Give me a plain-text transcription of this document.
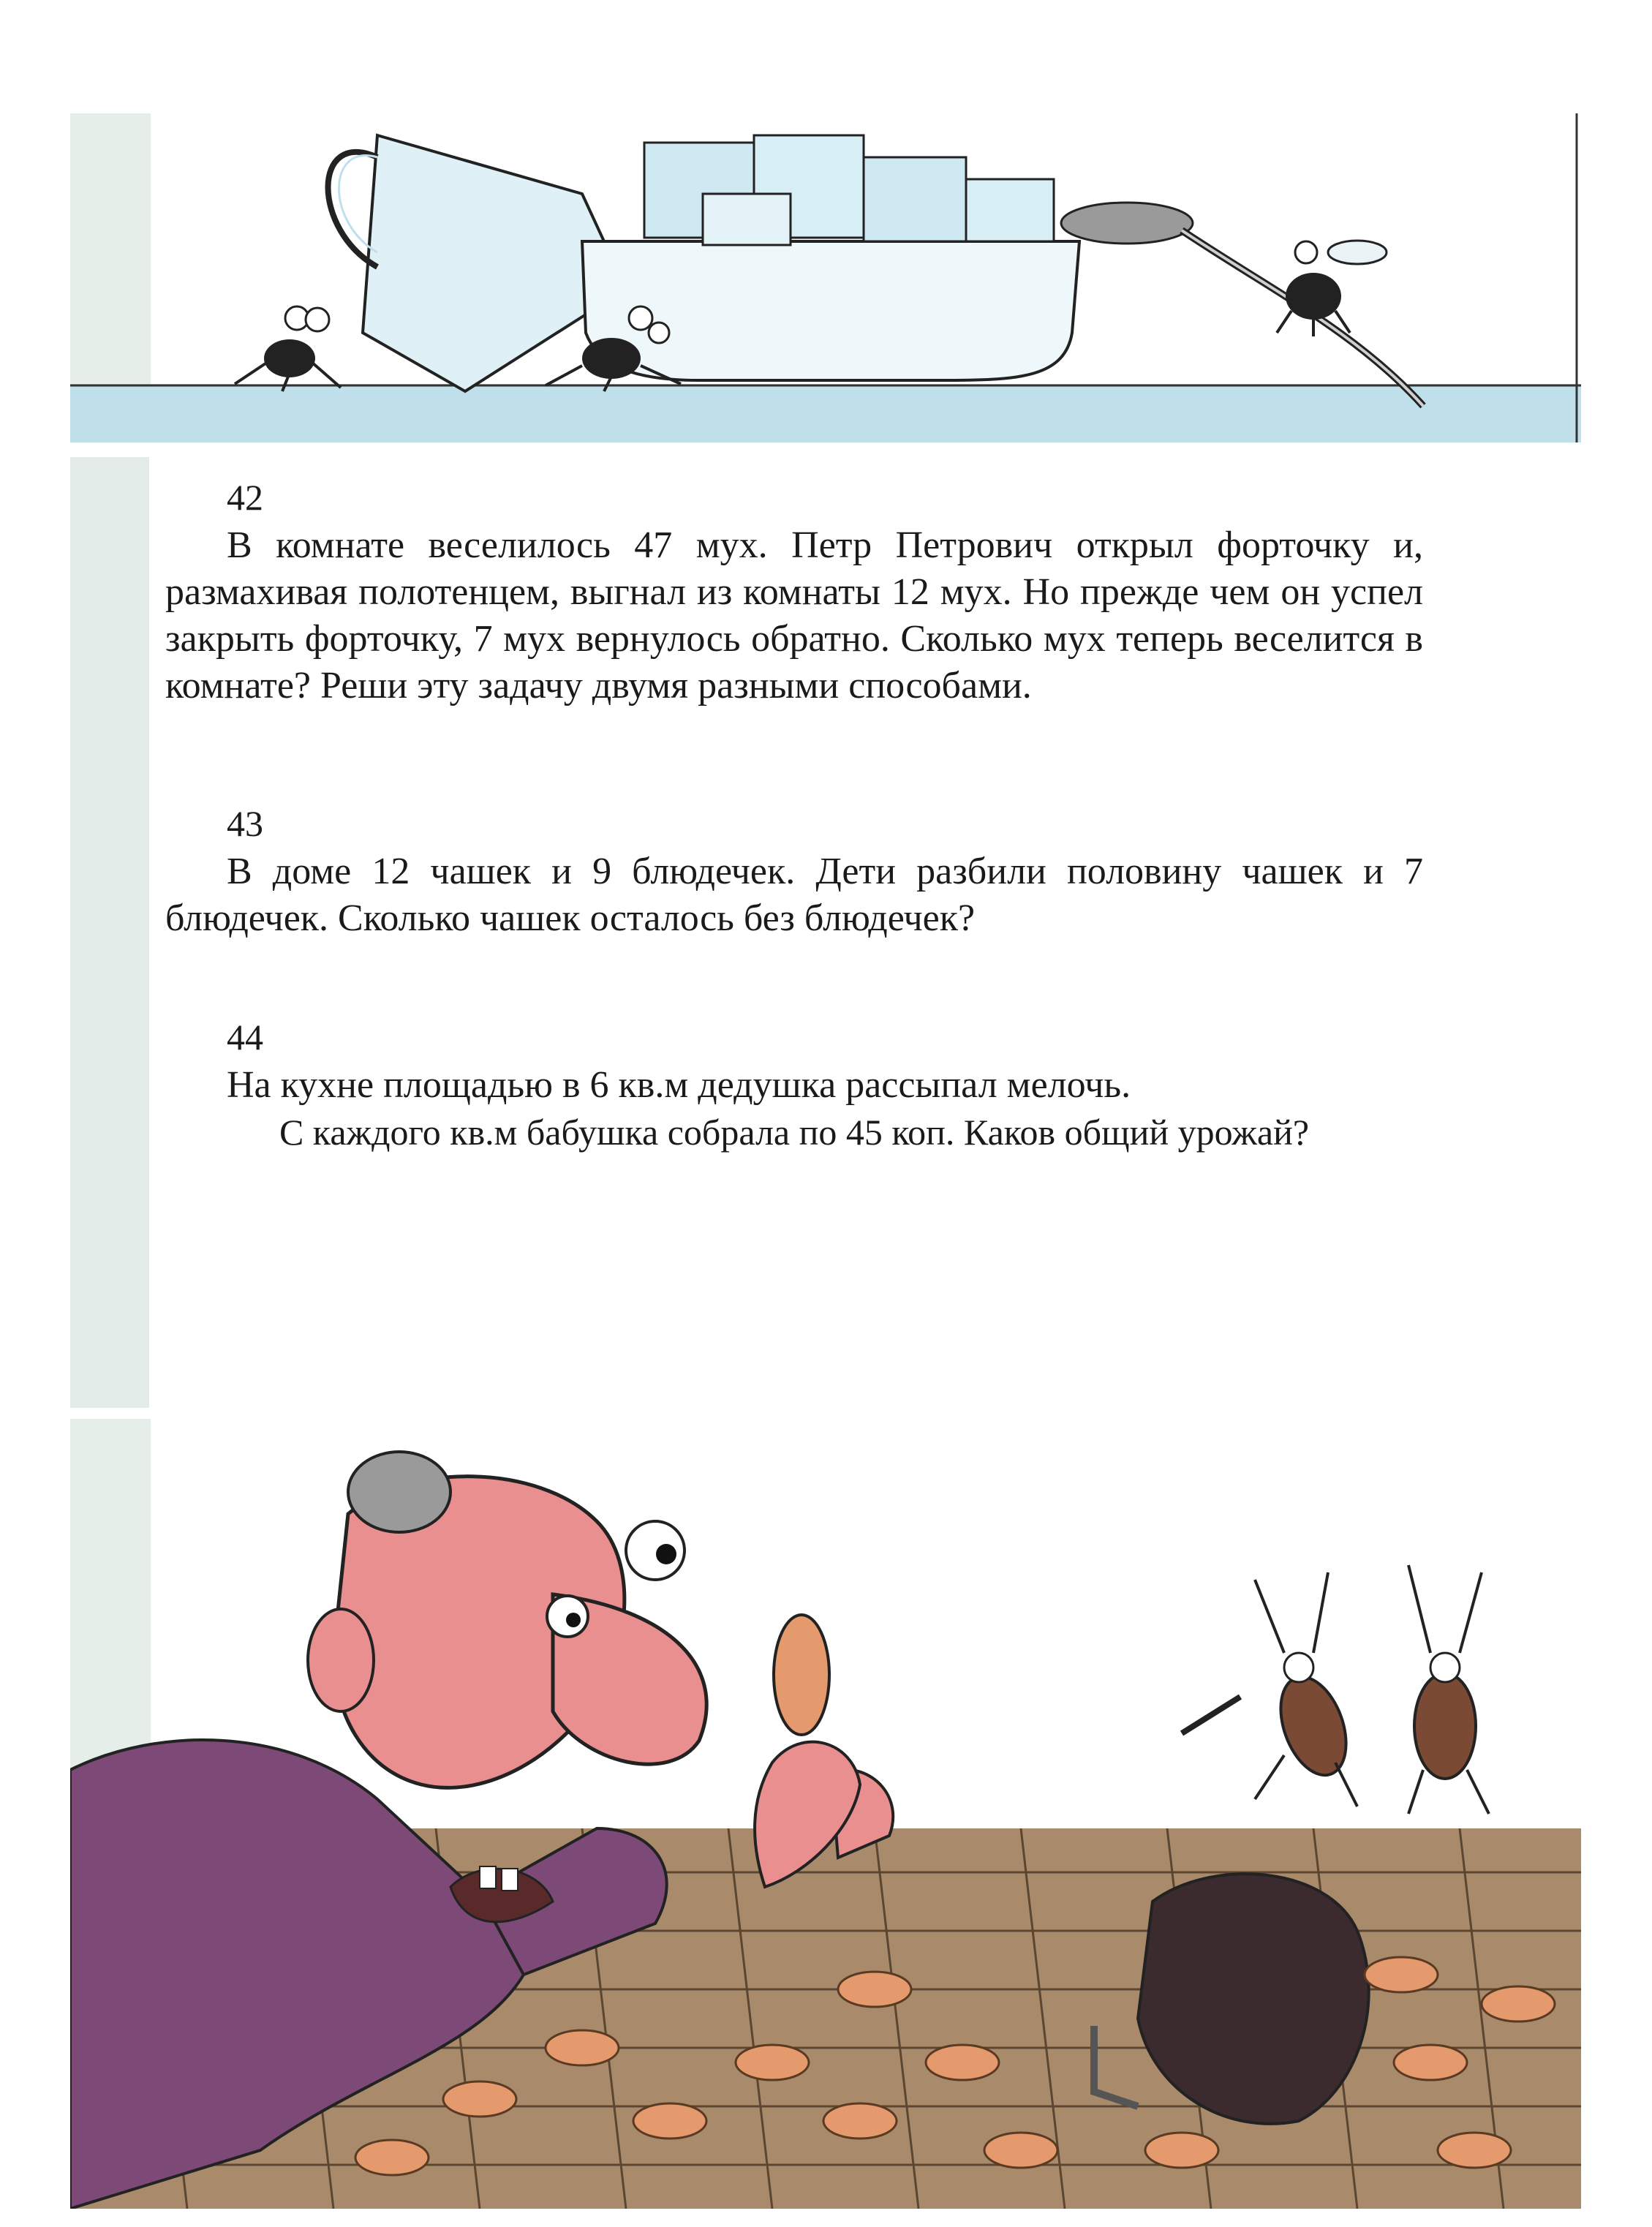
42

В комнате веселилось 47 мух. Петр Петрович открыл форточку и, размахивая полотенцем, выгнал из комнаты 12 мух. Но прежде чем он успел закрыть форточку, 7 мух вернулось обратно. Сколько мух теперь веселится в комнате? Реши эту задачу двумя разными способами.

43

В доме 12 чашек и 9 блюдечек. Дети разбили половину чашек и 7 блюдечек. Сколько чашек осталось без блюдечек?

44

На кухне площадью в 6 кв.м дедушка рассыпал мелочь.

С каждого кв.м бабушка собрала по 45 коп. Каков общий урожай?
